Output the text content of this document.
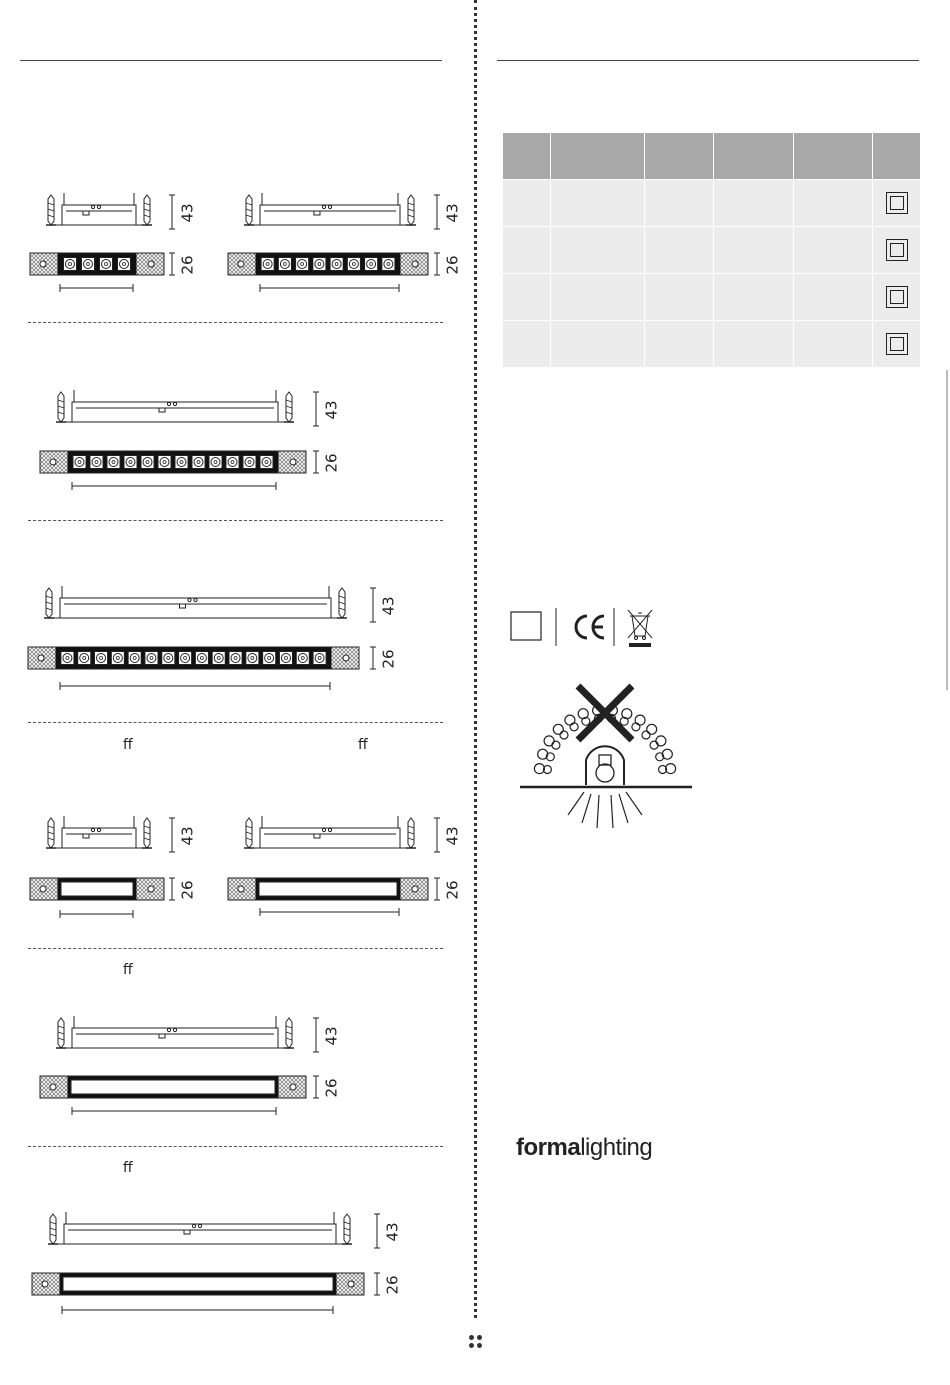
43
26
43
26
43
26
43
26
43
26
43
26
43
26
43
26
ff	ff
ff
ff

formalighting
